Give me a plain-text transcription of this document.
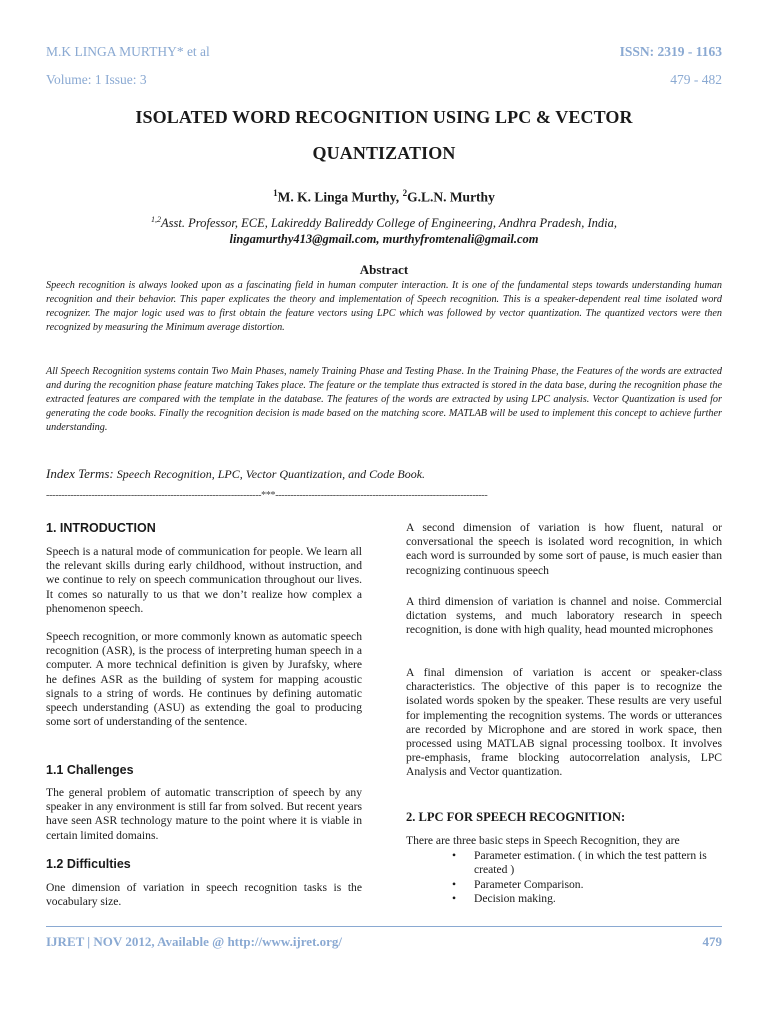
M.K LINGA MURTHY* et al	ISSN: 2319 - 1163
Volume: 1 Issue: 3	479 - 482
ISOLATED WORD RECOGNITION USING LPC & VECTOR
QUANTIZATION
$^1$M. K. Linga Murthy, $^2$G.L.N. Murthy
$^{1,2}$Asst. Professor, ECE, Lakireddy Balireddy College of Engineering, Andhra Pradesh, India,
lingamurthy413@gmail.com, murthyfromtenali@gmail.com
Abstract
Speech recognition is always looked upon as a fascinating field in human computer interaction. It is one of the fundamental steps towards understanding human recognition and their behavior. This paper explicates the theory and implementation of Speech recognition. This is a speaker-dependent real time isolated word recognizer. The major logic used was to first obtain the feature vectors using LPC which was followed by vector quantization. The quantized vectors were then recognized by measuring the Minimum average distortion.
All Speech Recognition systems contain Two Main Phases, namely Training Phase and Testing Phase. In the Training Phase, the Features of the words are extracted and during the recognition phase feature matching Takes place. The feature or the template thus extracted is stored in the data base, during the recognition phase the extracted features are compared with the template in the database. The features of the words are extracted by using LPC analysis. Vector Quantization is used for generating the code books. Finally the recognition decision is made based on the matching score. MATLAB will be used to implement this concept to achieve further understanding.
Index Terms: Speech Recognition, LPC, Vector Quantization, and Code Book.
-----------------------------------------------------------------------***----------------------------------------------------------------------
1. INTRODUCTION
Speech is a natural mode of communication for people. We learn all the relevant skills during early childhood, without instruction, and we continue to rely on speech communication throughout our lives. It comes so naturally to us that we don’t realize how complex a phenomenon speech.
Speech recognition, or more commonly known as automatic speech recognition (ASR), is the process of interpreting human speech in a computer. A more technical definition is given by Jurafsky, where he defines ASR as the building of system for mapping acoustic signals to a string of words. He continues by defining automatic speech understanding (ASU) as extending the goal to producing some sort of understanding of the sentence.
1.1 Challenges
The general problem of automatic transcription of speech by any speaker in any environment is still far from solved. But recent years have seen ASR technology mature to the point where it is viable in certain limited domains.
1.2 Difficulties
One dimension of variation in speech recognition tasks is the vocabulary size.
A second dimension of variation is how fluent, natural or conversational the speech is isolated word recognition, in which each word is surrounded by some sort of pause, is much easier than recognizing continuous speech
A third dimension of variation is channel and noise. Commercial dictation systems, and much laboratory research in speech recognition, is done with high quality, head mounted microphones
A final dimension of variation is accent or speaker-class characteristics. The objective of this paper is to recognize the isolated words spoken by the speaker. These results are very useful for implementing the recognition systems. The words or utterances are recorded by Microphone and are stored in work space, then processed using MATLAB signal processing toolbox. It involves pre-emphasis, frame blocking autocorrelation analysis, LPC Analysis and Vector quantization.
2. LPC FOR SPEECH RECOGNITION:
There are three basic steps in Speech Recognition, they are
• Parameter estimation. ( in which the test pattern is created )
• Parameter Comparison.
• Decision making.
IJRET | NOV 2012, Available @ http://www.ijret.org/	479
